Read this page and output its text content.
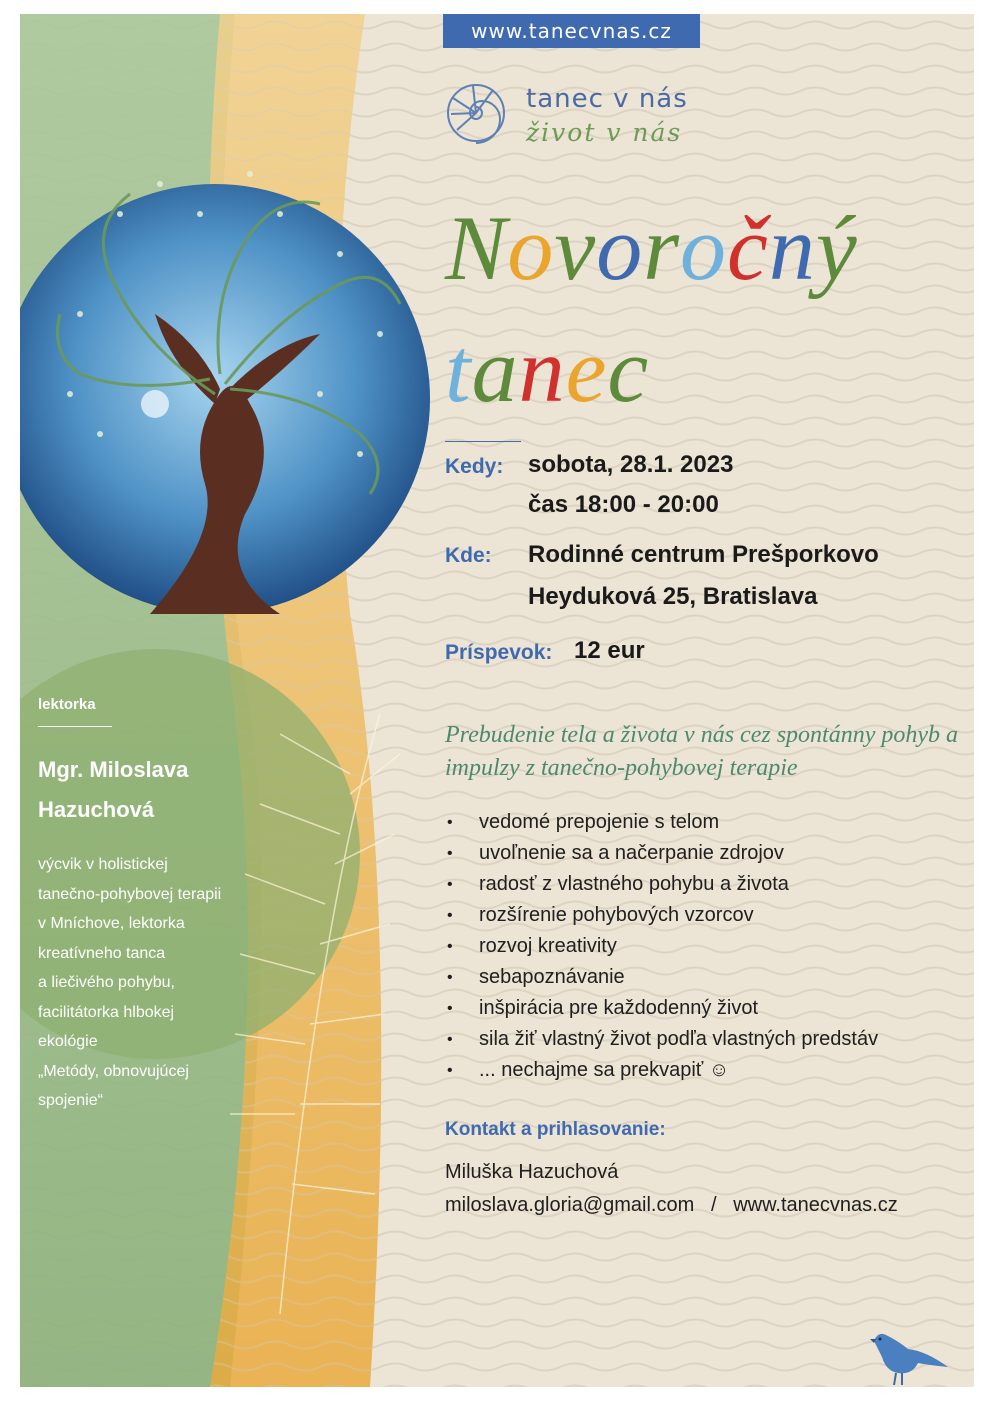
www.tanecvnas.cz
tanec v nás
život v nás
Novoročný
tanec
Kedy: sobota, 28.1. 2023
čas 18:00 - 20:00
Kde: Rodinné centrum Prešporkovo
Heyduková 25, Bratislava
Príspevok: 12 eur
Prebudenie tela a života v nás cez spontánny pohyb a impulzy z tanečno-pohybovej terapie
• vedomé prepojenie s telom
• uvoľnenie sa a načerpanie zdrojov
• radosť z vlastného pohybu a života
• rozšírenie pohybových vzorcov
• rozvoj kreativity
• sebapoznávanie
• inšpirácia pre každodenný život
• sila žiť vlastný život podľa vlastných predstáv
• ... nechajme sa prekvapiť ☺
Kontakt a prihlasovanie:
Miluška Hazuchová
miloslava.gloria@gmail.com / www.tanecvnas.cz
lektorka
Mgr. Miloslava
Hazuchová
výcvik v holistickej
tanečno-pohybovej terapii
v Mníchove, lektorka
kreatívneho tanca
a liečivého pohybu,
facilitátorka hlbokej
ekológie
„Metódy, obnovujúcej
spojenie“
